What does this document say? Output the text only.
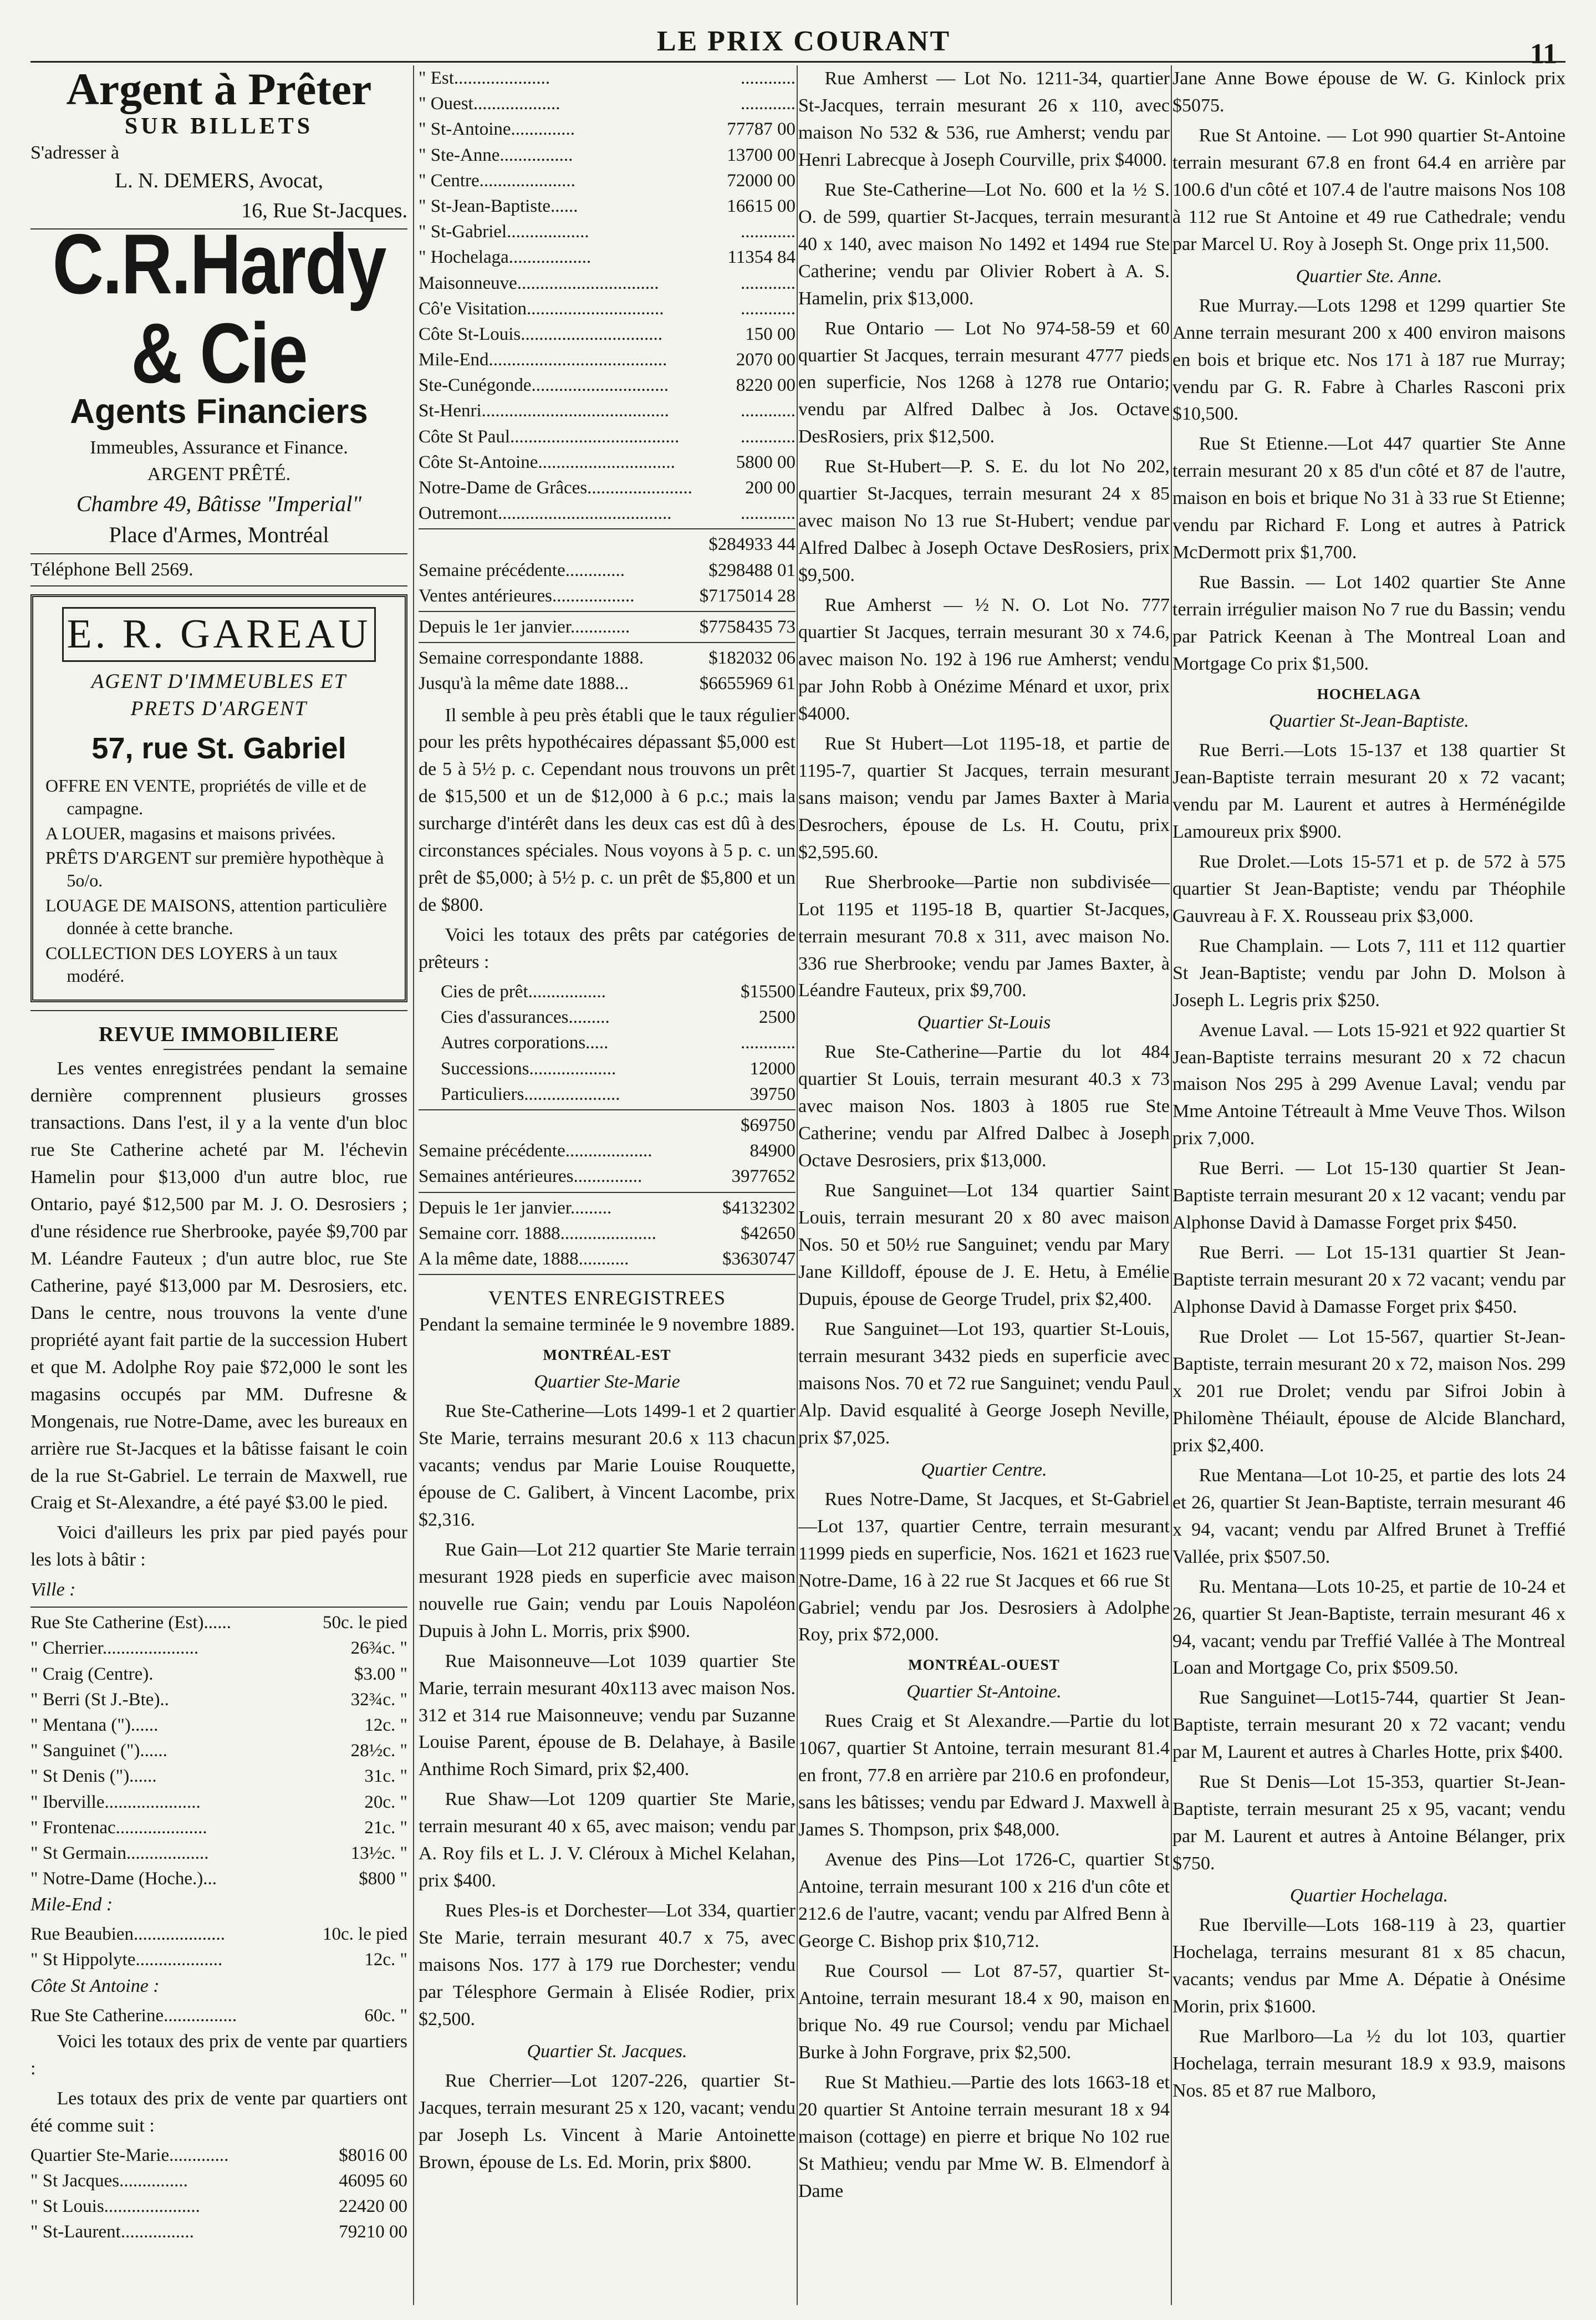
LE PRIX COURANT	11

Argent à Prêter

SUR BILLETS

S'adresser à

L. N. DEMERS, Avocat,

16, Rue St-Jacques.

C.R.Hardy & Cie

Agents Financiers

Immeubles, Assurance et Finance.

ARGENT PRÊTÉ.

Chambre 49, Bâtisse "Imperial"

Place d'Armes, Montréal

Téléphone Bell 2569.

E. R. GAREAU

AGENT D'IMMEUBLES ET

PRETS D'ARGENT

57, rue St. Gabriel

OFFRE EN VENTE, propriétés de ville et de campagne.

A LOUER, magasins et maisons privées.

PRÊTS D'ARGENT sur première hypothèque à 5o/o.

LOUAGE DE MAISONS, attention particulière donnée à cette branche.

COLLECTION DES LOYERS à un taux modéré.

REVUE IMMOBILIERE

Les ventes enregistrées pendant la semaine dernière comprennent plusieurs grosses transactions. Dans l'est, il y a la vente d'un bloc rue Ste Catherine acheté par M. l'échevin Hamelin pour $13,000 d'un autre bloc, rue Ontario, payé $12,500 par M. J. O. Desrosiers ; d'une résidence rue Sherbrooke, payée $9,700 par M. Léandre Fauteux ; d'un autre bloc, rue Ste Catherine, payé $13,000 par M. Desrosiers, etc. Dans le centre, nous trouvons la vente d'une propriété ayant fait partie de la succession Hubert et que M. Adolphe Roy paie $72,000 le sont les magasins occupés par MM. Dufresne & Mongenais, rue Notre-Dame, avec les bureaux en arrière rue St-Jacques et la bâtisse faisant le coin de la rue St-Gabriel. Le terrain de Maxwell, rue Craig et St-Alexandre, a été payé $3.00 le pied.

Voici d'ailleurs les prix par pied payés pour les lots à bâtir :

Ville :

Rue Ste Catherine (Est)......	50c. le pied
" Cherrier.....................	26¾c. "
" Craig (Centre).	$3.00 "
" Berri (St J.-Bte)..	32¾c. "
" Mentana (")......	12c. "
" Sanguinet (")......	28½c. "
" St Denis (")......	31c. "
" Iberville.....................	20c. "
" Frontenac....................	21c. "
" St Germain..................	13½c. "
" Notre-Dame (Hoche.)...	$800 "

Mile-End :

Rue Beaubien....................	10c. le pied
" St Hippolyte...................	12c. "

Côte St Antoine :

Rue Ste Catherine................	60c. "

Voici les totaux des prix de vente par quartiers :

Les totaux des prix de vente par quartiers ont été comme suit :

Quartier Ste-Marie.............	$8016 00
" St Jacques...............	46095 60
" St Louis.....................	22420 00
" St-Laurent................	79210 00
" Est.....................	............
" Ouest...................	............
" St-Antoine..............	77787 00
" Ste-Anne................	13700 00
" Centre.....................	72000 00
" St-Jean-Baptiste......	16615 00
" St-Gabriel..................	............
" Hochelaga..................	11354 84
Maisonneuve...............................	............
Cô'e Visitation..............................	............
Côte St-Louis...............................	150 00
Mile-End.......................................	2070 00
Ste-Cunégonde..............................	8220 00
St-Henri.........................................	............
Côte St Paul.....................................	............
Côte St-Antoine..............................	5800 00
Notre-Dame de Grâces.......................	200 00
Outremont......................................	............
$284933 44
Semaine précédente.............	$298488 01
Ventes antérieures..................	$7175014 28
Depuis le 1er janvier.............	$7758435 73
Semaine correspondante 1888.	$182032 06
Jusqu'à la même date 1888...	$6655969 61

Il semble à peu près établi que le taux régulier pour les prêts hypothécaires dépassant $5,000 est de 5 à 5½ p. c. Cependant nous trouvons un prêt de $15,500 et un de $12,000 à 6 p.c.; mais la surcharge d'intérêt dans les deux cas est dû à des circonstances spéciales. Nous voyons à 5 p. c. un prêt de $5,000; à 5½ p. c. un prêt de $5,800 et un de $800.

Voici les totaux des prêts par catégories de prêteurs :

Cies de prêt.................	$15500
Cies d'assurances.........	2500
Autres corporations.....	............
Successions...................	12000
Particuliers.....................	39750
$69750
Semaine précédente...................	84900
Semaines antérieures...............	3977652
Depuis le 1er janvier.........	$4132302
Semaine corr. 1888.....................	$42650
A la même date, 1888...........	$3630747
VENTES ENREGISTREES

Pendant la semaine terminée le 9 novembre 1889.

MONTRÉAL-EST
Quartier Ste-Marie

Rue Ste-Catherine—Lots 1499-1 et 2 quartier Ste Marie, terrains mesurant 20.6 x 113 chacun vacants; vendus par Marie Louise Rouquette, épouse de C. Galibert, à Vincent Lacombe, prix $2,316.

Rue Gain—Lot 212 quartier Ste Marie terrain mesurant 1928 pieds en superficie avec maison nouvelle rue Gain; vendu par Louis Napoléon Dupuis à John L. Morris, prix $900.

Rue Maisonneuve—Lot 1039 quartier Ste Marie, terrain mesurant 40x113 avec maison Nos. 312 et 314 rue Maisonneuve; vendu par Suzanne Louise Parent, épouse de B. Delahaye, à Basile Anthime Roch Simard, prix $2,400.

Rue Shaw—Lot 1209 quartier Ste Marie, terrain mesurant 40 x 65, avec maison; vendu par A. Roy fils et L. J. V. Cléroux à Michel Kelahan, prix $400.

Rues Ples-is et Dorchester—Lot 334, quartier Ste Marie, terrain mesurant 40.7 x 75, avec maisons Nos. 177 à 179 rue Dorchester; vendu par Télesphore Germain à Elisée Rodier, prix $2,500.

Quartier St. Jacques.

Rue Cherrier—Lot 1207-226, quartier St-Jacques, terrain mesurant 25 x 120, vacant; vendu par Joseph Ls. Vincent à Marie Antoinette Brown, épouse de Ls. Ed. Morin, prix $800.

Rue Amherst — Lot No. 1211-34, quartier St-Jacques, terrain mesurant 26 x 110, avec maison No 532 & 536, rue Amherst; vendu par Henri Labrecque à Joseph Courville, prix $4000.

Rue Ste-Catherine—Lot No. 600 et la ½ S. O. de 599, quartier St-Jacques, terrain mesurant 40 x 140, avec maison No 1492 et 1494 rue Ste Catherine; vendu par Olivier Robert à A. S. Hamelin, prix $13,000.

Rue Ontario — Lot No 974-58-59 et 60 quartier St Jacques, terrain mesurant 4777 pieds en superficie, Nos 1268 à 1278 rue Ontario; vendu par Alfred Dalbec à Jos. Octave DesRosiers, prix $12,500.

Rue St-Hubert—P. S. E. du lot No 202, quartier St-Jacques, terrain mesurant 24 x 85 avec maison No 13 rue St-Hubert; vendue par Alfred Dalbec à Joseph Octave DesRosiers, prix $9,500.

Rue Amherst — ½ N. O. Lot No. 777 quartier St Jacques, terrain mesurant 30 x 74.6, avec maison No. 192 à 196 rue Amherst; vendu par John Robb à Onézime Ménard et uxor, prix $4000.

Rue St Hubert—Lot 1195-18, et partie de 1195-7, quartier St Jacques, terrain mesurant sans maison; vendu par James Baxter à Maria Desrochers, épouse de Ls. H. Coutu, prix $2,595.60.

Rue Sherbrooke—Partie non subdivisée—Lot 1195 et 1195-18 B, quartier St-Jacques, terrain mesurant 70.8 x 311, avec maison No. 336 rue Sherbrooke; vendu par James Baxter, à Léandre Fauteux, prix $9,700.

Quartier St-Louis

Rue Ste-Catherine—Partie du lot 484 quartier St Louis, terrain mesurant 40.3 x 73 avec maison Nos. 1803 à 1805 rue Ste Catherine; vendu par Alfred Dalbec à Joseph Octave Desrosiers, prix $13,000.

Rue Sanguinet—Lot 134 quartier Saint Louis, terrain mesurant 20 x 80 avec maison Nos. 50 et 50½ rue Sanguinet; vendu par Mary Jane Killdoff, épouse de J. E. Hetu, à Emélie Dupuis, épouse de George Trudel, prix $2,400.

Rue Sanguinet—Lot 193, quartier St-Louis, terrain mesurant 3432 pieds en superficie avec maisons Nos. 70 et 72 rue Sanguinet; vendu Paul Alp. David esqualité à George Joseph Neville, prix $7,025.

Quartier Centre.

Rues Notre-Dame, St Jacques, et St-Gabriel—Lot 137, quartier Centre, terrain mesurant 11999 pieds en superficie, Nos. 1621 et 1623 rue Notre-Dame, 16 à 22 rue St Jacques et 66 rue St Gabriel; vendu par Jos. Desrosiers à Adolphe Roy, prix $72,000.

MONTRÉAL-OUEST
Quartier St-Antoine.

Rues Craig et St Alexandre.—Partie du lot 1067, quartier St Antoine, terrain mesurant 81.4 en front, 77.8 en arrière par 210.6 en profondeur, sans les bâtisses; vendu par Edward J. Maxwell à James S. Thompson, prix $48,000.

Avenue des Pins—Lot 1726-C, quartier St Antoine, terrain mesurant 100 x 216 d'un côte et 212.6 de l'autre, vacant; vendu par Alfred Benn à George C. Bishop prix $10,712.

Rue Coursol — Lot 87-57, quartier St-Antoine, terrain mesurant 18.4 x 90, maison en brique No. 49 rue Coursol; vendu par Michael Burke à John Forgrave, prix $2,500.

Rue St Mathieu.—Partie des lots 1663-18 et 20 quartier St Antoine terrain mesurant 18 x 94 maison (cottage) en pierre et brique No 102 rue St Mathieu; vendu par Mme W. B. Elmendorf à Dame

Jane Anne Bowe épouse de W. G. Kinlock prix $5075.

Rue St Antoine. — Lot 990 quartier St-Antoine terrain mesurant 67.8 en front 64.4 en arrière par 100.6 d'un côté et 107.4 de l'autre maisons Nos 108 à 112 rue St Antoine et 49 rue Cathedrale; vendu par Marcel U. Roy à Joseph St. Onge prix 11,500.

Quartier Ste. Anne.

Rue Murray.—Lots 1298 et 1299 quartier Ste Anne terrain mesurant 200 x 400 environ maisons en bois et brique etc. Nos 171 à 187 rue Murray; vendu par G. R. Fabre à Charles Rasconi prix $10,500.

Rue St Etienne.—Lot 447 quartier Ste Anne terrain mesurant 20 x 85 d'un côté et 87 de l'autre, maison en bois et brique No 31 à 33 rue St Etienne; vendu par Richard F. Long et autres à Patrick McDermott prix $1,700.

Rue Bassin. — Lot 1402 quartier Ste Anne terrain irrégulier maison No 7 rue du Bassin; vendu par Patrick Keenan à The Montreal Loan and Mortgage Co prix $1,500.

HOCHELAGA
Quartier St-Jean-Baptiste.

Rue Berri.—Lots 15-137 et 138 quartier St Jean-Baptiste terrain mesurant 20 x 72 vacant; vendu par M. Laurent et autres à Herménégilde Lamoureux prix $900.

Rue Drolet.—Lots 15-571 et p. de 572 à 575 quartier St Jean-Baptiste; vendu par Théophile Gauvreau à F. X. Rousseau prix $3,000.

Rue Champlain. — Lots 7, 111 et 112 quartier St Jean-Baptiste; vendu par John D. Molson à Joseph L. Legris prix $250.

Avenue Laval. — Lots 15-921 et 922 quartier St Jean-Baptiste terrains mesurant 20 x 72 chacun maison Nos 295 à 299 Avenue Laval; vendu par Mme Antoine Tétreault à Mme Veuve Thos. Wilson prix 7,000.

Rue Berri. — Lot 15-130 quartier St Jean-Baptiste terrain mesurant 20 x 12 vacant; vendu par Alphonse David à Damasse Forget prix $450.

Rue Berri. — Lot 15-131 quartier St Jean-Baptiste terrain mesurant 20 x 72 vacant; vendu par Alphonse David à Damasse Forget prix $450.

Rue Drolet — Lot 15-567, quartier St-Jean-Baptiste, terrain mesurant 20 x 72, maison Nos. 299 x 201 rue Drolet; vendu par Sifroi Jobin à Philomène Théiault, épouse de Alcide Blanchard, prix $2,400.

Rue Mentana—Lot 10-25, et partie des lots 24 et 26, quartier St Jean-Baptiste, terrain mesurant 46 x 94, vacant; vendu par Alfred Brunet à Treffié Vallée, prix $507.50.

Ru. Mentana—Lots 10-25, et partie de 10-24 et 26, quartier St Jean-Baptiste, terrain mesurant 46 x 94, vacant; vendu par Treffié Vallée à The Montreal Loan and Mortgage Co, prix $509.50.

Rue Sanguinet—Lot15-744, quartier St Jean-Baptiste, terrain mesurant 20 x 72 vacant; vendu par M, Laurent et autres à Charles Hotte, prix $400.

Rue St Denis—Lot 15-353, quartier St-Jean-Baptiste, terrain mesurant 25 x 95, vacant; vendu par M. Laurent et autres à Antoine Bélanger, prix $750.

Quartier Hochelaga.

Rue Iberville—Lots 168-119 à 23, quartier Hochelaga, terrains mesurant 81 x 85 chacun, vacants; vendus par Mme A. Dépatie à Onésime Morin, prix $1600.

Rue Marlboro—La ½ du lot 103, quartier Hochelaga, terrain mesurant 18.9 x 93.9, maisons Nos. 85 et 87 rue Malboro,
